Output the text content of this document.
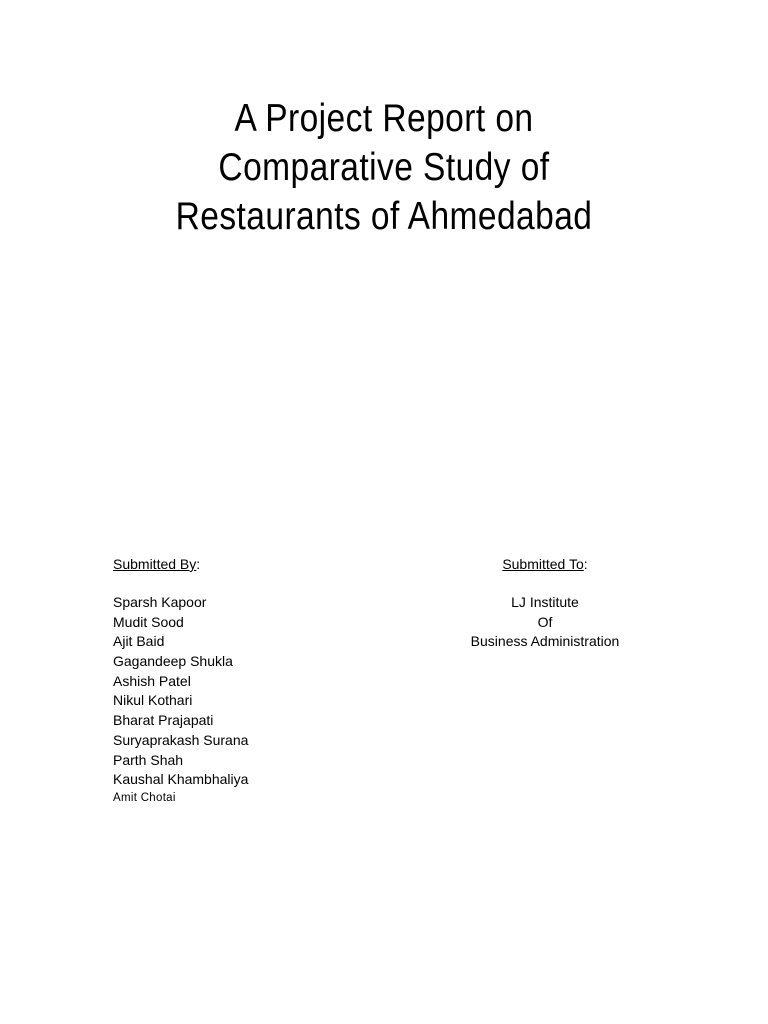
A Project Report on
Comparative Study of
Restaurants of Ahmedabad
Submitted By:
Sparsh Kapoor
Mudit Sood
Ajit Baid
Gagandeep Shukla
Ashish Patel
Nikul Kothari
Bharat Prajapati
Suryaprakash Surana
Parth Shah
Kaushal Khambhaliya
Amit Chotai
Submitted To:
LJ Institute
Of
Business Administration
